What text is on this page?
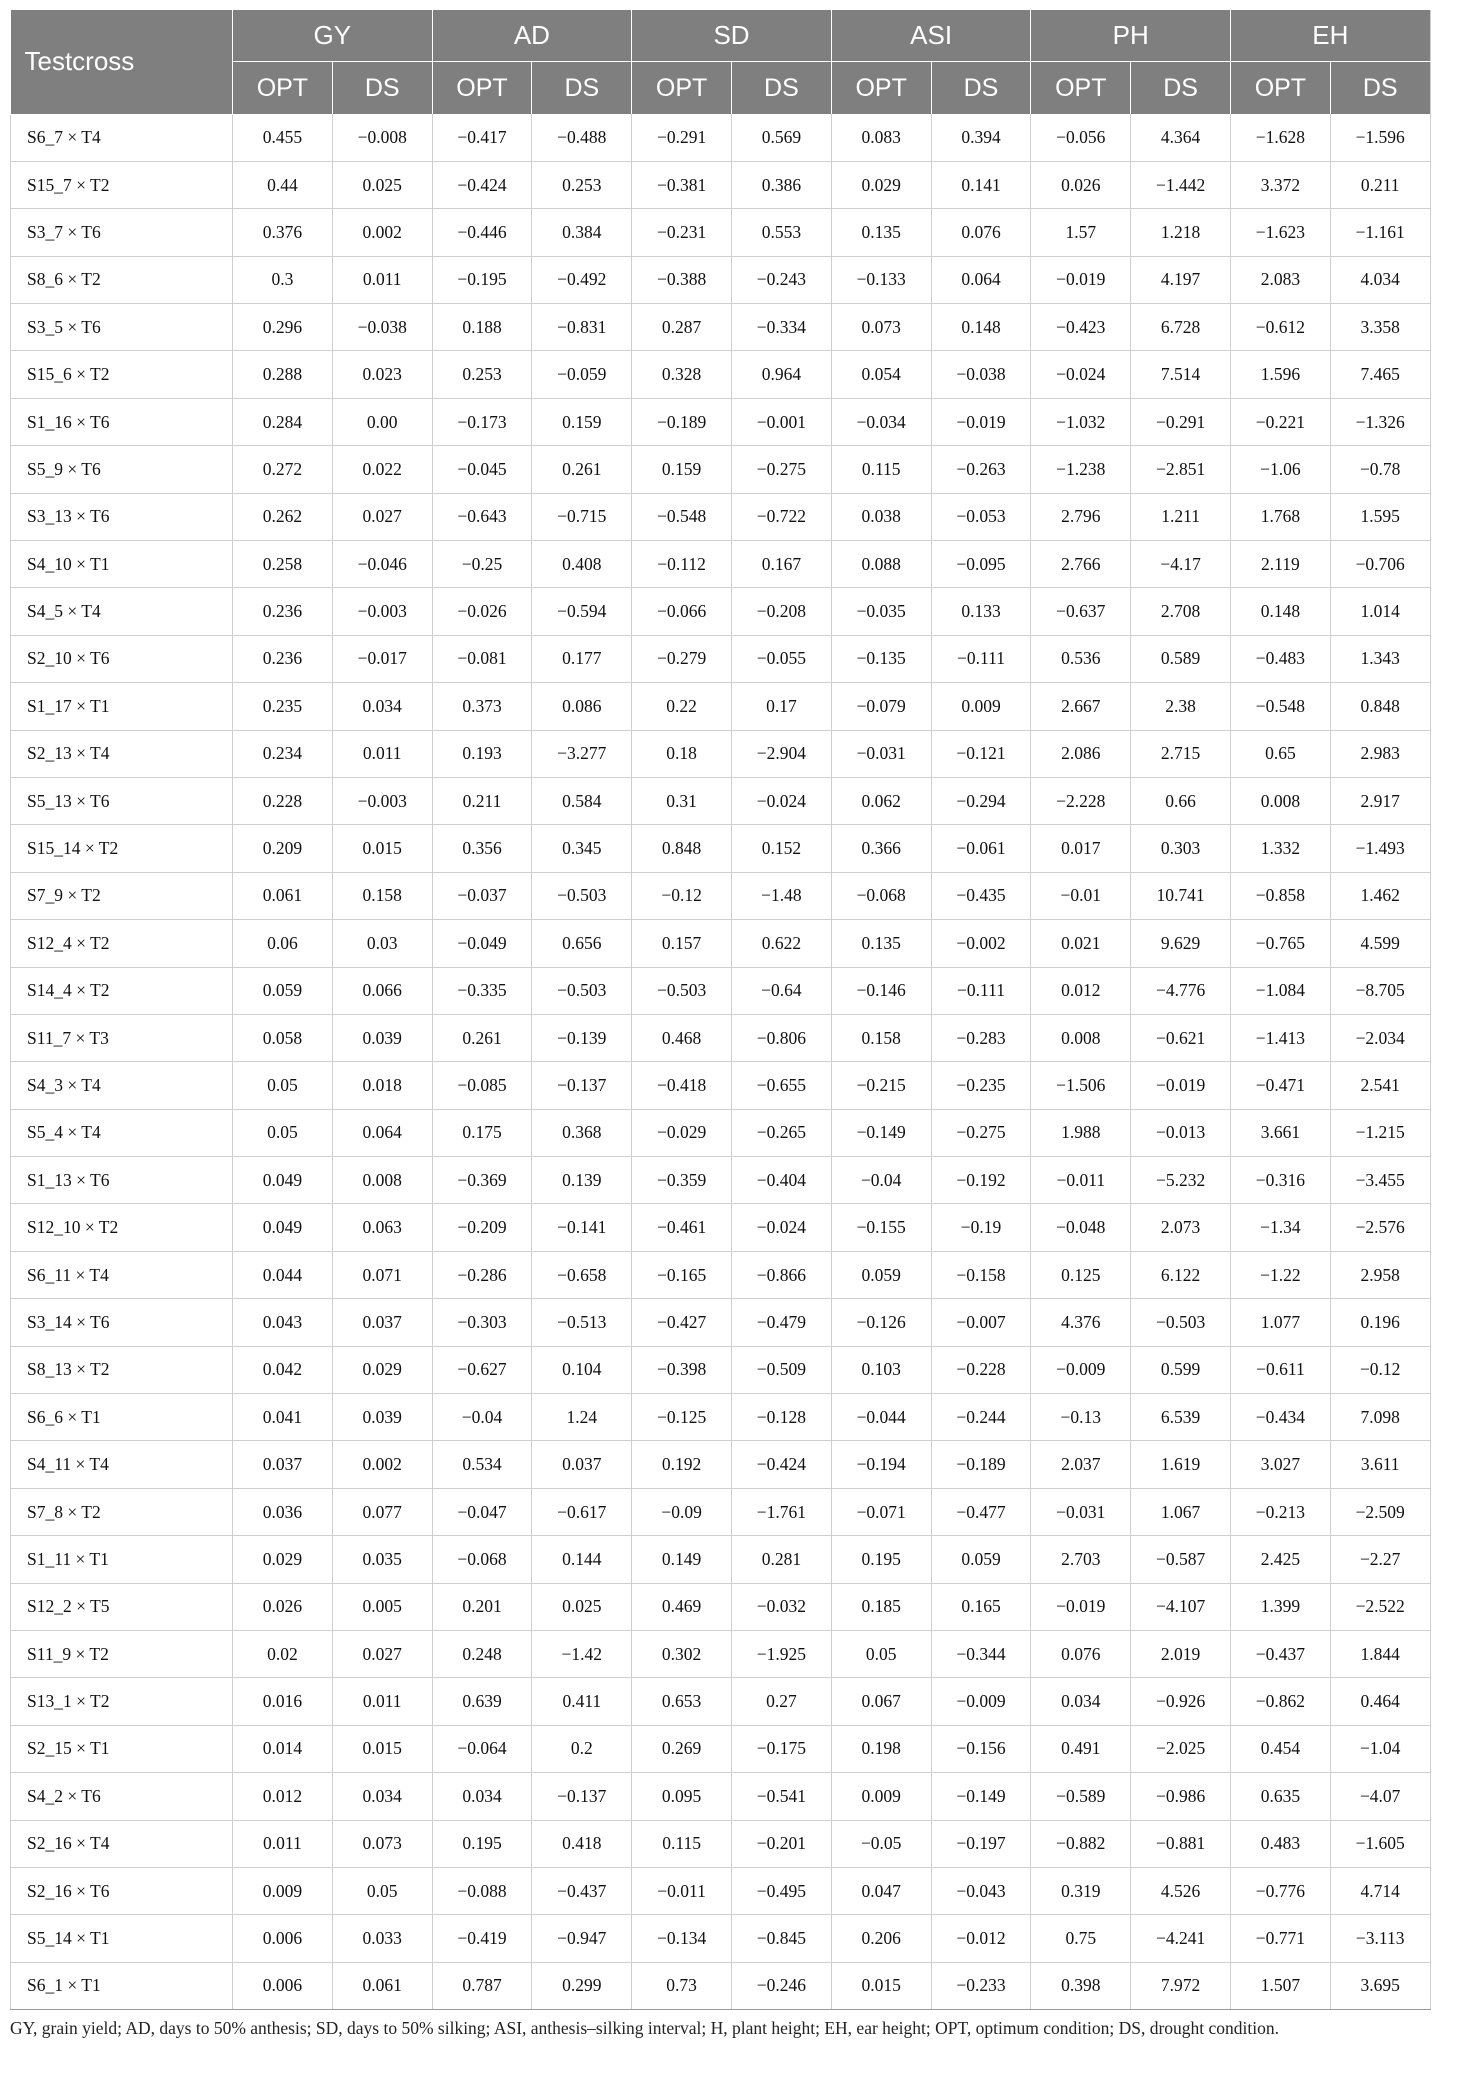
Testcross	GY		AD		SD		ASI		PH		EH	
	OPT	DS	OPT	DS	OPT	DS	OPT	DS	OPT	DS	OPT	DS
S6_7 × T4	0.455	−0.008	−0.417	−0.488	−0.291	0.569	0.083	0.394	−0.056	4.364	−1.628	−1.596
S15_7 × T2	0.44	0.025	−0.424	0.253	−0.381	0.386	0.029	0.141	0.026	−1.442	3.372	0.211
S3_7 × T6	0.376	0.002	−0.446	0.384	−0.231	0.553	0.135	0.076	1.57	1.218	−1.623	−1.161
S8_6 × T2	0.3	0.011	−0.195	−0.492	−0.388	−0.243	−0.133	0.064	−0.019	4.197	2.083	4.034
S3_5 × T6	0.296	−0.038	0.188	−0.831	0.287	−0.334	0.073	0.148	−0.423	6.728	−0.612	3.358
S15_6 × T2	0.288	0.023	0.253	−0.059	0.328	0.964	0.054	−0.038	−0.024	7.514	1.596	7.465
S1_16 × T6	0.284	0.00	−0.173	0.159	−0.189	−0.001	−0.034	−0.019	−1.032	−0.291	−0.221	−1.326
S5_9 × T6	0.272	0.022	−0.045	0.261	0.159	−0.275	0.115	−0.263	−1.238	−2.851	−1.06	−0.78
S3_13 × T6	0.262	0.027	−0.643	−0.715	−0.548	−0.722	0.038	−0.053	2.796	1.211	1.768	1.595
S4_10 × T1	0.258	−0.046	−0.25	0.408	−0.112	0.167	0.088	−0.095	2.766	−4.17	2.119	−0.706
S4_5 × T4	0.236	−0.003	−0.026	−0.594	−0.066	−0.208	−0.035	0.133	−0.637	2.708	0.148	1.014
S2_10 × T6	0.236	−0.017	−0.081	0.177	−0.279	−0.055	−0.135	−0.111	0.536	0.589	−0.483	1.343
S1_17 × T1	0.235	0.034	0.373	0.086	0.22	0.17	−0.079	0.009	2.667	2.38	−0.548	0.848
S2_13 × T4	0.234	0.011	0.193	−3.277	0.18	−2.904	−0.031	−0.121	2.086	2.715	0.65	2.983
S5_13 × T6	0.228	−0.003	0.211	0.584	0.31	−0.024	0.062	−0.294	−2.228	0.66	0.008	2.917
S15_14 × T2	0.209	0.015	0.356	0.345	0.848	0.152	0.366	−0.061	0.017	0.303	1.332	−1.493
S7_9 × T2	0.061	0.158	−0.037	−0.503	−0.12	−1.48	−0.068	−0.435	−0.01	10.741	−0.858	1.462
S12_4 × T2	0.06	0.03	−0.049	0.656	0.157	0.622	0.135	−0.002	0.021	9.629	−0.765	4.599
S14_4 × T2	0.059	0.066	−0.335	−0.503	−0.503	−0.64	−0.146	−0.111	0.012	−4.776	−1.084	−8.705
S11_7 × T3	0.058	0.039	0.261	−0.139	0.468	−0.806	0.158	−0.283	0.008	−0.621	−1.413	−2.034
S4_3 × T4	0.05	0.018	−0.085	−0.137	−0.418	−0.655	−0.215	−0.235	−1.506	−0.019	−0.471	2.541
S5_4 × T4	0.05	0.064	0.175	0.368	−0.029	−0.265	−0.149	−0.275	1.988	−0.013	3.661	−1.215
S1_13 × T6	0.049	0.008	−0.369	0.139	−0.359	−0.404	−0.04	−0.192	−0.011	−5.232	−0.316	−3.455
S12_10 × T2	0.049	0.063	−0.209	−0.141	−0.461	−0.024	−0.155	−0.19	−0.048	2.073	−1.34	−2.576
S6_11 × T4	0.044	0.071	−0.286	−0.658	−0.165	−0.866	0.059	−0.158	0.125	6.122	−1.22	2.958
S3_14 × T6	0.043	0.037	−0.303	−0.513	−0.427	−0.479	−0.126	−0.007	4.376	−0.503	1.077	0.196
S8_13 × T2	0.042	0.029	−0.627	0.104	−0.398	−0.509	0.103	−0.228	−0.009	0.599	−0.611	−0.12
S6_6 × T1	0.041	0.039	−0.04	1.24	−0.125	−0.128	−0.044	−0.244	−0.13	6.539	−0.434	7.098
S4_11 × T4	0.037	0.002	0.534	0.037	0.192	−0.424	−0.194	−0.189	2.037	1.619	3.027	3.611
S7_8 × T2	0.036	0.077	−0.047	−0.617	−0.09	−1.761	−0.071	−0.477	−0.031	1.067	−0.213	−2.509
S1_11 × T1	0.029	0.035	−0.068	0.144	0.149	0.281	0.195	0.059	2.703	−0.587	2.425	−2.27
S12_2 × T5	0.026	0.005	0.201	0.025	0.469	−0.032	0.185	0.165	−0.019	−4.107	1.399	−2.522
S11_9 × T2	0.02	0.027	0.248	−1.42	0.302	−1.925	0.05	−0.344	0.076	2.019	−0.437	1.844
S13_1 × T2	0.016	0.011	0.639	0.411	0.653	0.27	0.067	−0.009	0.034	−0.926	−0.862	0.464
S2_15 × T1	0.014	0.015	−0.064	0.2	0.269	−0.175	0.198	−0.156	0.491	−2.025	0.454	−1.04
S4_2 × T6	0.012	0.034	0.034	−0.137	0.095	−0.541	0.009	−0.149	−0.589	−0.986	0.635	−4.07
S2_16 × T4	0.011	0.073	0.195	0.418	0.115	−0.201	−0.05	−0.197	−0.882	−0.881	0.483	−1.605
S2_16 × T6	0.009	0.05	−0.088	−0.437	−0.011	−0.495	0.047	−0.043	0.319	4.526	−0.776	4.714
S5_14 × T1	0.006	0.033	−0.419	−0.947	−0.134	−0.845	0.206	−0.012	0.75	−4.241	−0.771	−3.113
S6_1 × T1	0.006	0.061	0.787	0.299	0.73	−0.246	0.015	−0.233	0.398	7.972	1.507	3.695
GY, grain yield; AD, days to 50% anthesis; SD, days to 50% silking; ASI, anthesis–silking interval; H, plant height; EH, ear height; OPT, optimum condition; DS, drought condition.
